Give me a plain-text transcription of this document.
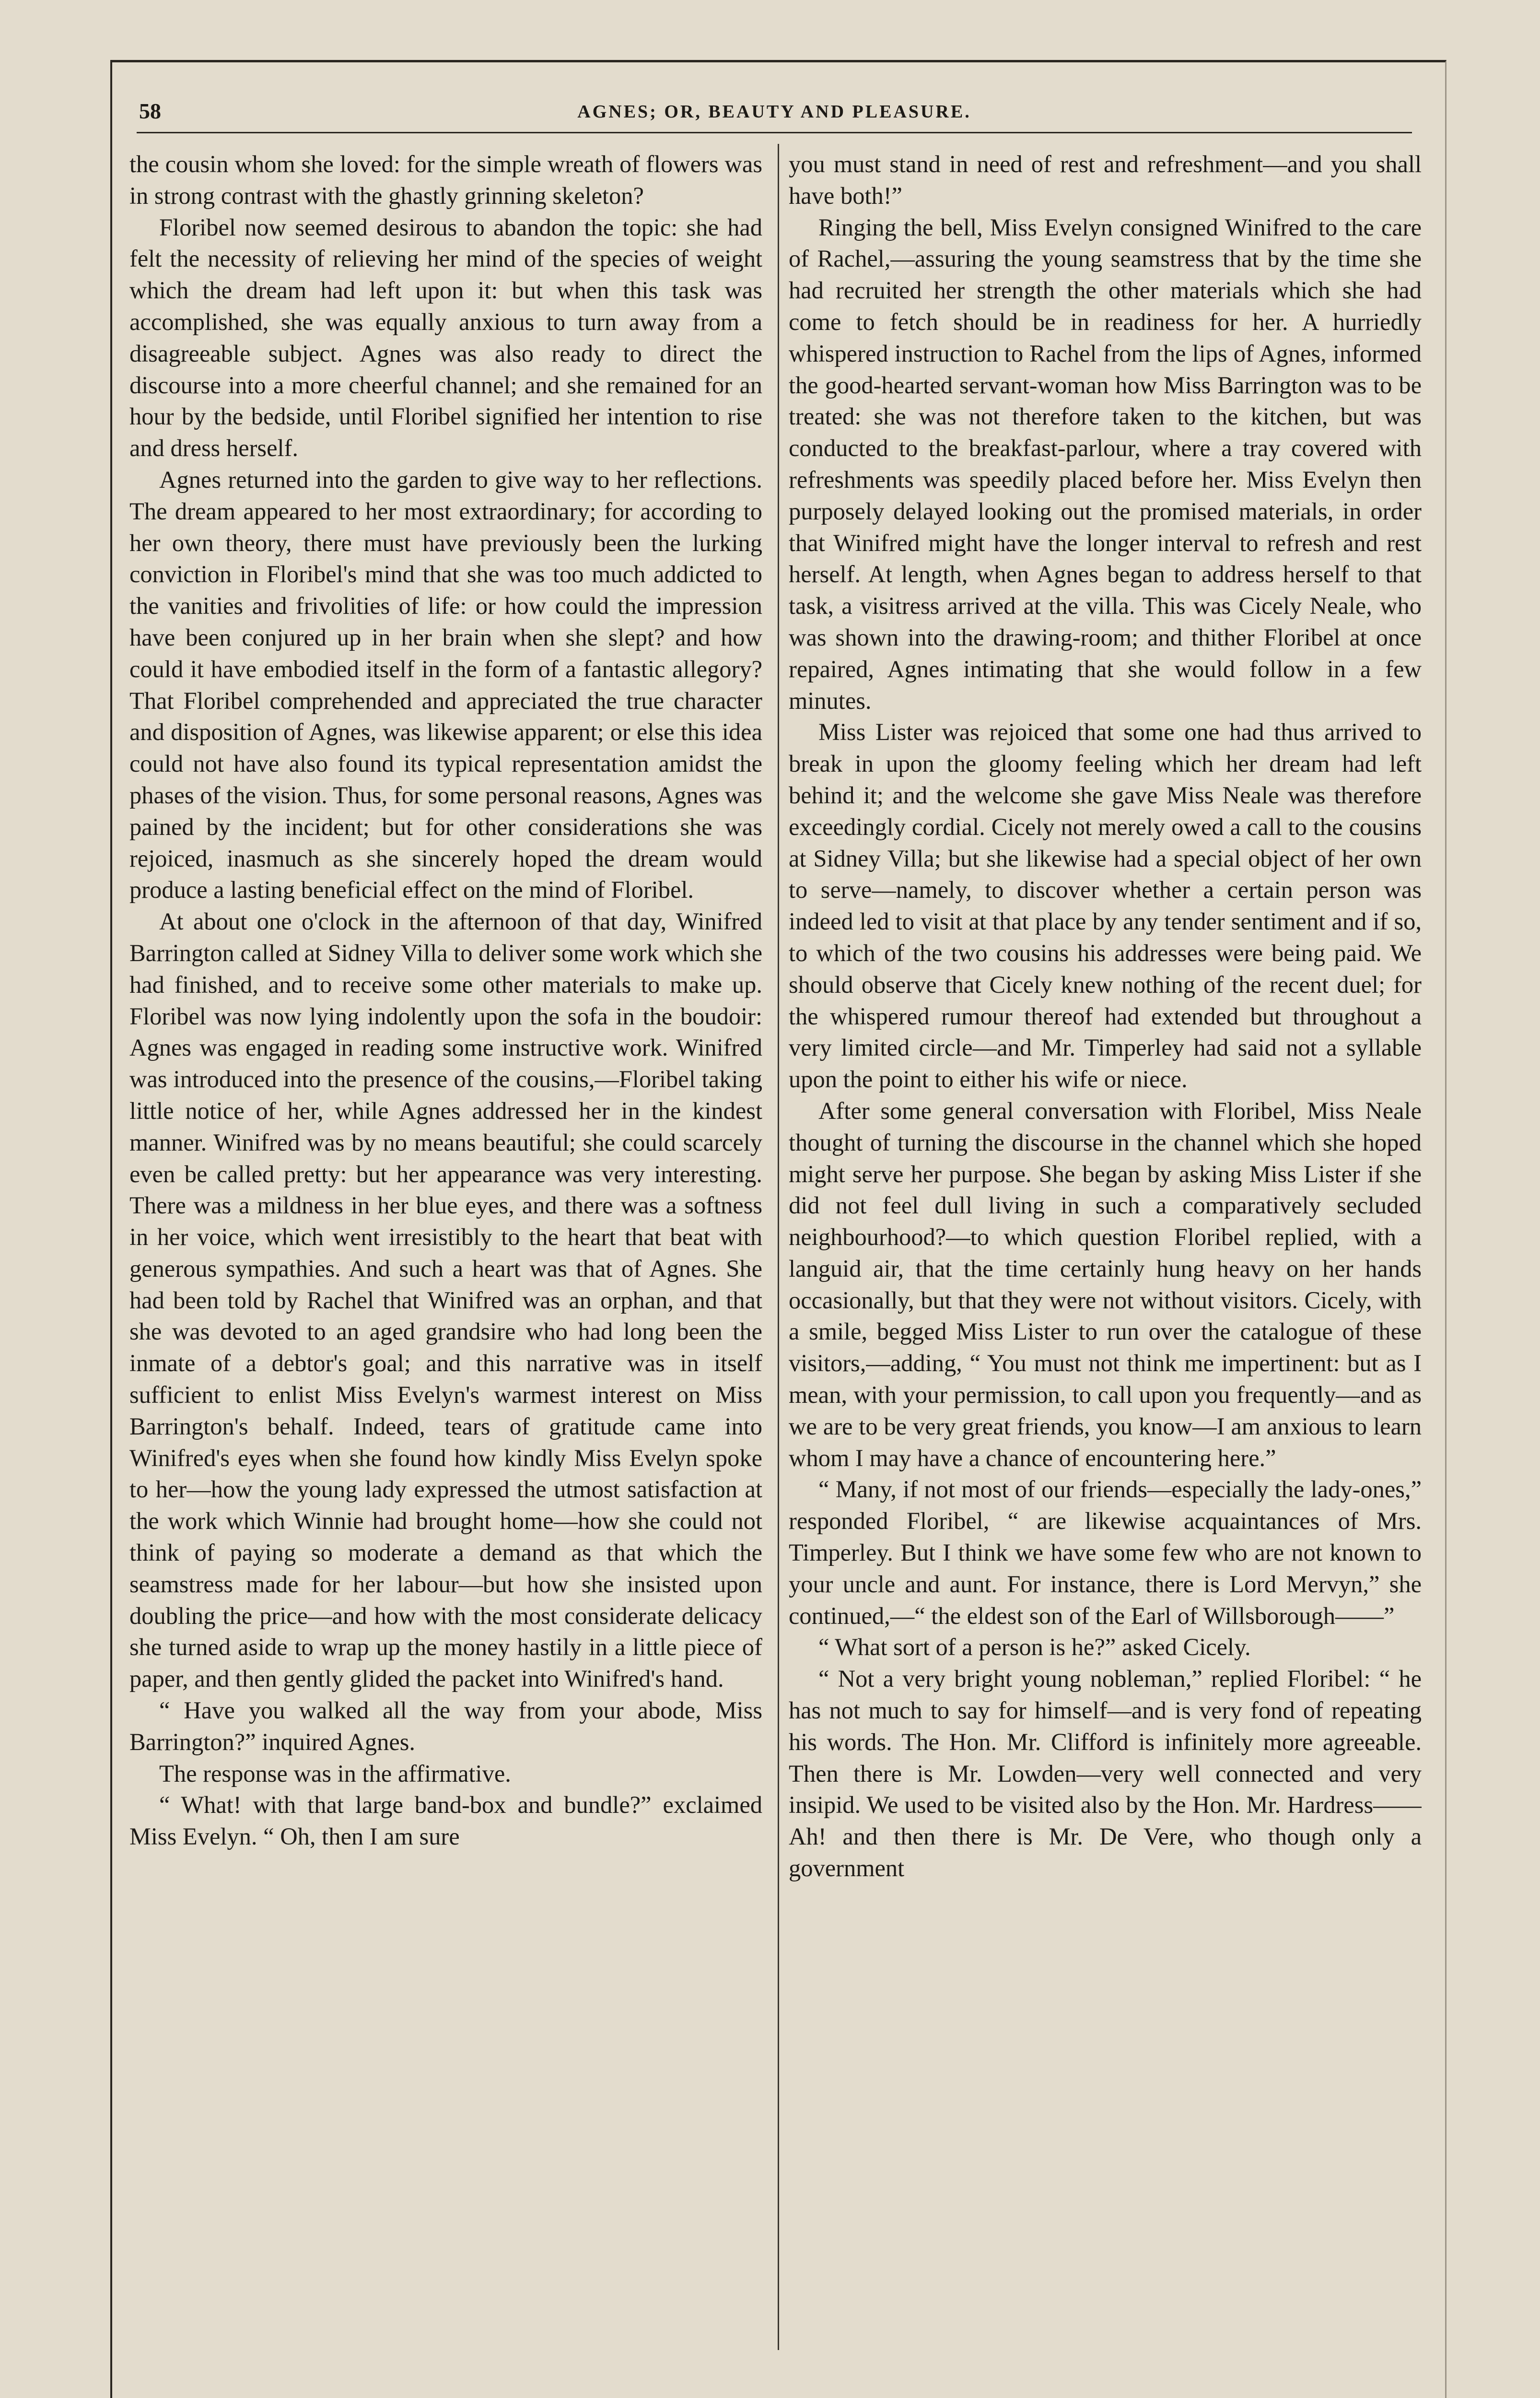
58	AGNES; OR, BEAUTY AND PLEASURE.

the cousin whom she loved: for the simple wreath of flowers was in strong contrast with the ghastly grinning skeleton?

Floribel now seemed desirous to abandon the topic: she had felt the necessity of relieving her mind of the species of weight which the dream had left upon it: but when this task was accomplished, she was equally anxious to turn away from a disagreeable subject. Agnes was also ready to direct the discourse into a more cheerful channel; and she remained for an hour by the bedside, until Floribel signified her intention to rise and dress herself.

Agnes returned into the garden to give way to her reflections. The dream appeared to her most extraordinary; for according to her own theory, there must have previously been the lurking conviction in Floribel's mind that she was too much addicted to the vanities and frivolities of life: or how could the impression have been conjured up in her brain when she slept? and how could it have embodied itself in the form of a fantastic allegory? That Floribel comprehended and appreciated the true character and disposition of Agnes, was likewise apparent; or else this idea could not have also found its typical representation amidst the phases of the vision. Thus, for some personal reasons, Agnes was pained by the incident; but for other considerations she was rejoiced, inasmuch as she sincerely hoped the dream would produce a lasting beneficial effect on the mind of Floribel.

At about one o'clock in the afternoon of that day, Winifred Barrington called at Sidney Villa to deliver some work which she had finished, and to receive some other materials to make up. Floribel was now lying indolently upon the sofa in the boudoir: Agnes was engaged in reading some instructive work. Winifred was introduced into the presence of the cousins,—Floribel taking little notice of her, while Agnes addressed her in the kindest manner. Winifred was by no means beautiful; she could scarcely even be called pretty: but her appearance was very interesting. There was a mildness in her blue eyes, and there was a softness in her voice, which went irresistibly to the heart that beat with generous sympathies. And such a heart was that of Agnes. She had been told by Rachel that Winifred was an orphan, and that she was devoted to an aged grandsire who had long been the inmate of a debtor's goal; and this narrative was in itself sufficient to enlist Miss Evelyn's warmest interest on Miss Barrington's behalf. Indeed, tears of gratitude came into Winifred's eyes when she found how kindly Miss Evelyn spoke to her—how the young lady expressed the utmost satisfaction at the work which Winnie had brought home—how she could not think of paying so moderate a demand as that which the seamstress made for her labour—but how she insisted upon doubling the price—and how with the most considerate delicacy she turned aside to wrap up the money hastily in a little piece of paper, and then gently glided the packet into Winifred's hand.

“ Have you walked all the way from your abode, Miss Barrington?” inquired Agnes.

The response was in the affirmative.

“ What! with that large band-box and bundle?” exclaimed Miss Evelyn. “ Oh, then I am sure

you must stand in need of rest and refreshment—and you shall have both!”

Ringing the bell, Miss Evelyn consigned Winifred to the care of Rachel,—assuring the young seamstress that by the time she had recruited her strength the other materials which she had come to fetch should be in readiness for her. A hurriedly whispered instruction to Rachel from the lips of Agnes, informed the good-hearted servant-woman how Miss Barrington was to be treated: she was not therefore taken to the kitchen, but was conducted to the breakfast-parlour, where a tray covered with refreshments was speedily placed before her. Miss Evelyn then purposely delayed looking out the promised materials, in order that Winifred might have the longer interval to refresh and rest herself. At length, when Agnes began to address herself to that task, a visitress arrived at the villa. This was Cicely Neale, who was shown into the drawing-room; and thither Floribel at once repaired, Agnes intimating that she would follow in a few minutes.

Miss Lister was rejoiced that some one had thus arrived to break in upon the gloomy feeling which her dream had left behind it; and the welcome she gave Miss Neale was therefore exceedingly cordial. Cicely not merely owed a call to the cousins at Sidney Villa; but she likewise had a special object of her own to serve—namely, to discover whether a certain person was indeed led to visit at that place by any tender sentiment and if so, to which of the two cousins his addresses were being paid. We should observe that Cicely knew nothing of the recent duel; for the whispered rumour thereof had extended but throughout a very limited circle—and Mr. Timperley had said not a syllable upon the point to either his wife or niece.

After some general conversation with Floribel, Miss Neale thought of turning the discourse in the channel which she hoped might serve her purpose. She began by asking Miss Lister if she did not feel dull living in such a comparatively secluded neighbourhood?—to which question Floribel replied, with a languid air, that the time certainly hung heavy on her hands occasionally, but that they were not without visitors. Cicely, with a smile, begged Miss Lister to run over the catalogue of these visitors,—adding, “ You must not think me impertinent: but as I mean, with your permission, to call upon you frequently—and as we are to be very great friends, you know—I am anxious to learn whom I may have a chance of encountering here.”

“ Many, if not most of our friends—especially the lady-ones,” responded Floribel, “ are likewise acquaintances of Mrs. Timperley. But I think we have some few who are not known to your uncle and aunt. For instance, there is Lord Mervyn,” she continued,—“ the eldest son of the Earl of Willsborough——”

“ What sort of a person is he?” asked Cicely.

“ Not a very bright young nobleman,” replied Floribel: “ he has not much to say for himself—and is very fond of repeating his words. The Hon. Mr. Clifford is infinitely more agreeable. Then there is Mr. Lowden—very well connected and very insipid. We used to be visited also by the Hon. Mr. Hardress——Ah! and then there is Mr. De Vere, who though only a government
